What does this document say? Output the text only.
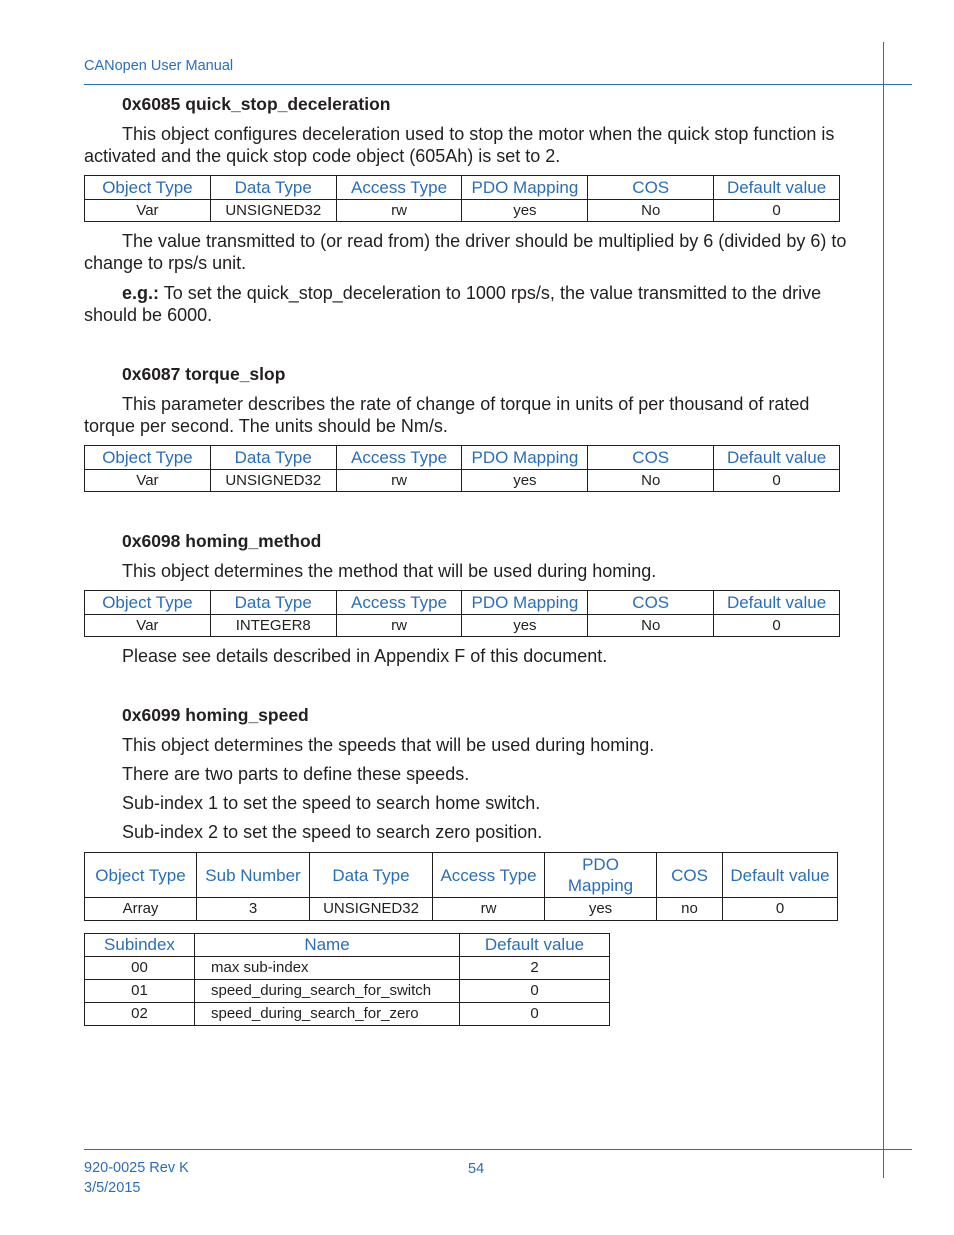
CANopen User Manual
0x6085 quick_stop_deceleration

This object configures deceleration used to stop the motor when the quick stop function is activated and the quick stop code object (605Ah) is set to 2.

Object Type	Data Type	Access Type	PDO Mapping	COS	Default value
Var	UNSIGNED32	rw	yes	No	0

The value transmitted to (or read from) the driver should be multiplied by 6 (divided by 6) to change to rps/s unit.

e.g.: To set the quick_stop_deceleration to 1000 rps/s, the value transmitted to the drive should be 6000.

0x6087 torque_slop

This parameter describes the rate of change of torque in units of per thousand of rated torque per second. The units should be Nm/s.

Object Type	Data Type	Access Type	PDO Mapping	COS	Default value
Var	UNSIGNED32	rw	yes	No	0
0x6098 homing_method

This object determines the method that will be used during homing.

Object Type	Data Type	Access Type	PDO Mapping	COS	Default value
Var	INTEGER8	rw	yes	No	0

Please see details described in Appendix F of this document.

0x6099 homing_speed

This object determines the speeds that will be used during homing.

There are two parts to define these speeds.

Sub-index 1 to set the speed to search home switch.

Sub-index 2 to set the speed to search zero position.

Object Type	Sub Number	Data Type	Access Type	PDO Mapping	COS	Default value
Array	3	UNSIGNED32	rw	yes	no	0
Subindex	Name	Default value
00	max sub-index	2
01	speed_during_search_for_switch	0
02	speed_during_search_for_zero	0
920-0025 Rev K
3/5/2015
54
